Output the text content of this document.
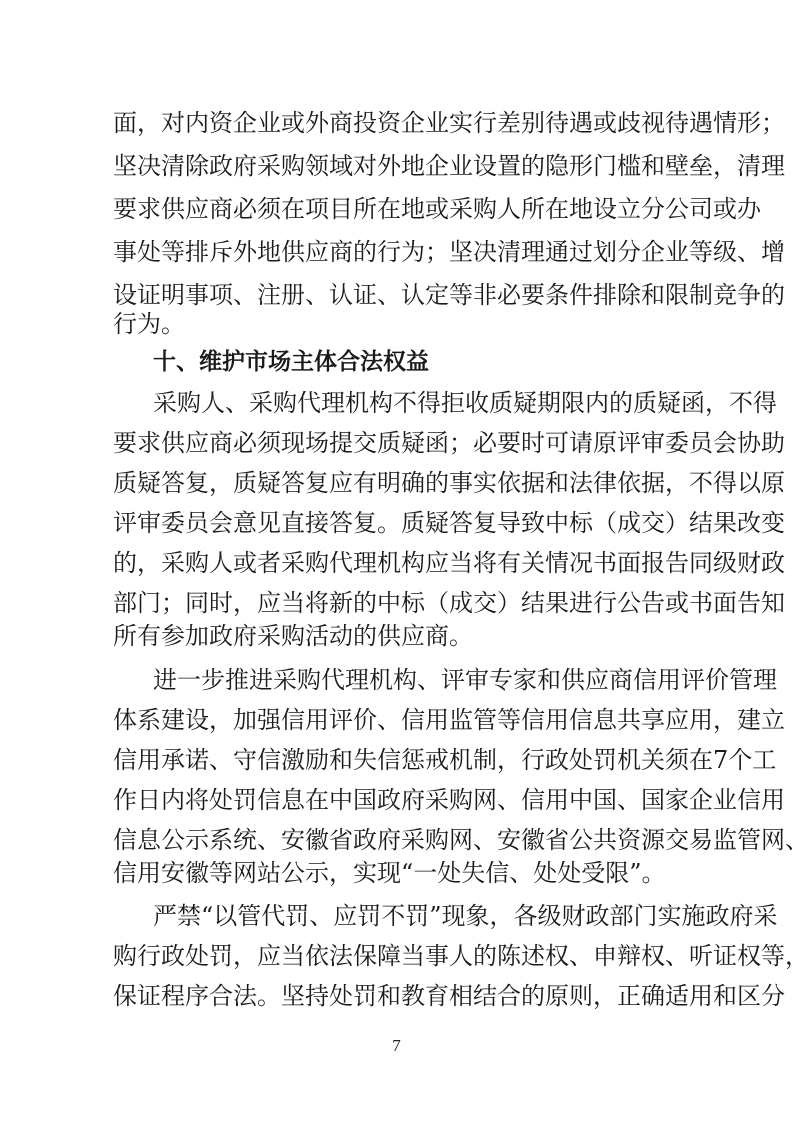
面，对内资企业或外商投资企业实行差别待遇或歧视待遇情形；
坚决清除政府采购领域对外地企业设置的隐形门槛和壁垒，清理
要求供应商必须在项目所在地或采购人所在地设立分公司或办
事处等排斥外地供应商的行为；坚决清理通过划分企业等级、增
设证明事项、注册、认证、认定等非必要条件排除和限制竞争的
行为。
十、维护市场主体合法权益
采购人、采购代理机构不得拒收质疑期限内的质疑函，不得
要求供应商必须现场提交质疑函；必要时可请原评审委员会协助
质疑答复，质疑答复应有明确的事实依据和法律依据，不得以原
评审委员会意见直接答复。质疑答复导致中标（成交）结果改变
的，采购人或者采购代理机构应当将有关情况书面报告同级财政
部门；同时，应当将新的中标（成交）结果进行公告或书面告知
所有参加政府采购活动的供应商。
进一步推进采购代理机构、评审专家和供应商信用评价管理
体系建设，加强信用评价、信用监管等信用信息共享应用，建立
信用承诺、守信激励和失信惩戒机制，行政处罚机关须在7个工
作日内将处罚信息在中国政府采购网、信用中国、国家企业信用
信息公示系统、安徽省政府采购网、安徽省公共资源交易监管网、
信用安徽等网站公示，实现“一处失信、处处受限”。
严禁“以管代罚、应罚不罚”现象，各级财政部门实施政府采
购行政处罚，应当依法保障当事人的陈述权、申辩权、听证权等，
保证程序合法。坚持处罚和教育相结合的原则，正确适用和区分
7
